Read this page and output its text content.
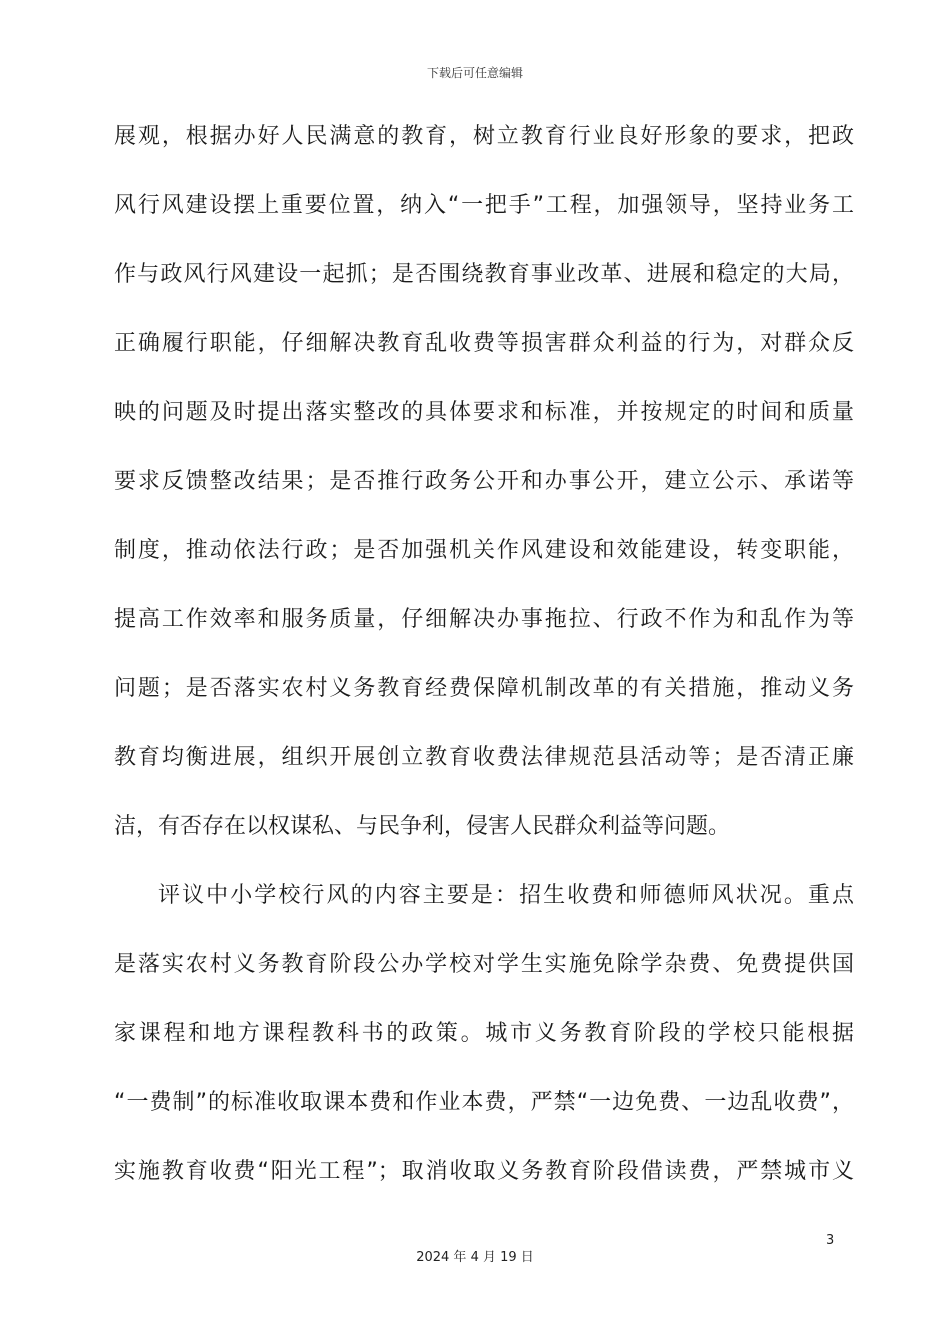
下载后可任意编辑
展观，根据办好人民满意的教育，树立教育行业良好形象的要求，把政
风行风建设摆上重要位置，纳入“一把手”工程，加强领导，坚持业务工
作与政风行风建设一起抓；是否围绕教育事业改革、进展和稳定的大局，
正确履行职能，仔细解决教育乱收费等损害群众利益的行为，对群众反
映的问题及时提出落实整改的具体要求和标准，并按规定的时间和质量
要求反馈整改结果；是否推行政务公开和办事公开，建立公示、承诺等
制度，推动依法行政；是否加强机关作风建设和效能建设，转变职能，
提高工作效率和服务质量，仔细解决办事拖拉、行政不作为和乱作为等
问题；是否落实农村义务教育经费保障机制改革的有关措施，推动义务
教育均衡进展，组织开展创立教育收费法律规范县活动等；是否清正廉
洁，有否存在以权谋私、与民争利，侵害人民群众利益等问题。
评议中小学校行风的内容主要是：招生收费和师德师风状况。重点
是落实农村义务教育阶段公办学校对学生实施免除学杂费、免费提供国
家课程和地方课程教科书的政策。城市义务教育阶段的学校只能根据
“一费制”的标准收取课本费和作业本费，严禁“一边免费、一边乱收费”，
实施教育收费“阳光工程”；取消收取义务教育阶段借读费，严禁城市义
3
2024 年 4 月 19 日
